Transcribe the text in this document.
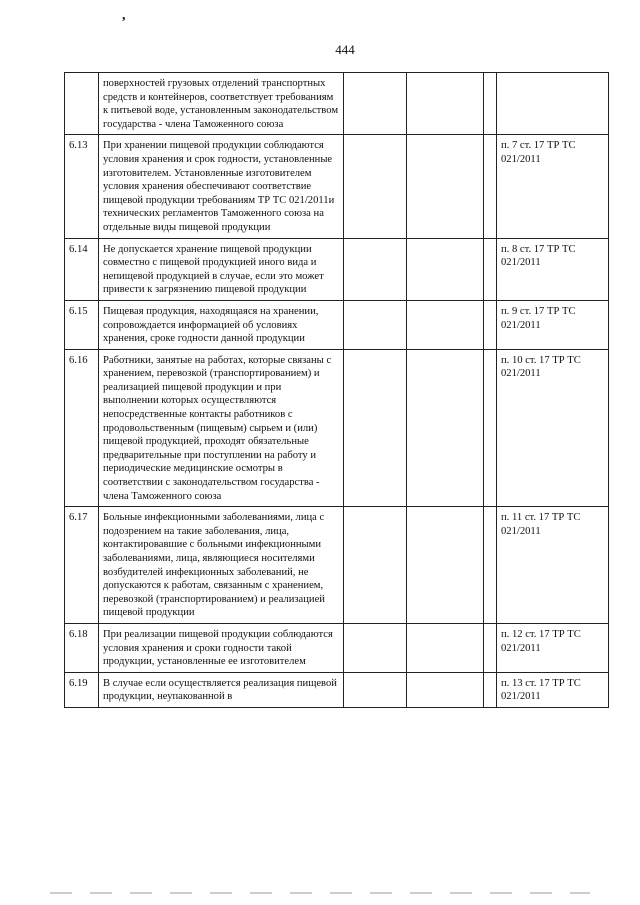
,
444
	поверхностей грузовых отделений транспортных средств и контейнеров, соответствует требованиям к питьевой воде, установленным законодательством государства - члена Таможенного союза				
6.13	При хранении пищевой продукции соблюдаются условия хранения и срок годности, установленные изготовителем. Установленные изготовителем условия хранения обеспечивают соответствие пищевой продукции требованиям ТР ТС 021/2011и технических регламентов Таможенного союза на отдельные виды пищевой продукции				п. 7 ст. 17 ТР ТС 021/2011
6.14	Не допускается хранение пищевой продукции совместно с пищевой продукцией иного вида и непищевой продукцией в случае, если это может привести к загрязнению пищевой продукции				п. 8 ст. 17 ТР ТС 021/2011
6.15	Пищевая продукция, находящаяся на хранении, сопровождается информацией об условиях хранения, сроке годности данной продукции				п. 9 ст. 17 ТР ТС 021/2011
6.16	Работники, занятые на работах, которые связаны с хранением, перевозкой (транспортированием) и реализацией пищевой продукции и при выполнении которых осуществляются непосредственные контакты работников с продовольственным (пищевым) сырьем и (или) пищевой продукцией, проходят обязательные предварительные при поступлении на работу и периодические медицинские осмотры в соответствии с законодательством государства - члена Таможенного союза				п. 10 ст. 17 ТР ТС 021/2011
6.17	Больные инфекционными заболеваниями, лица с подозрением на такие заболевания, лица, контактировавшие с больными инфекционными заболеваниями, лица, являющиеся носителями возбудителей инфекционных заболеваний, не допускаются к работам, связанным с хранением, перевозкой (транспортированием) и реализацией пищевой продукции				п. 11 ст. 17 ТР ТС 021/2011
6.18	При реализации пищевой продукции соблюдаются условия хранения и сроки годности такой продукции, установленные ее изготовителем				п. 12 ст. 17 ТР ТС 021/2011
6.19	В случае если осуществляется реализация пищевой продукции, неупакованной в				п. 13 ст. 17 ТР ТС 021/2011
